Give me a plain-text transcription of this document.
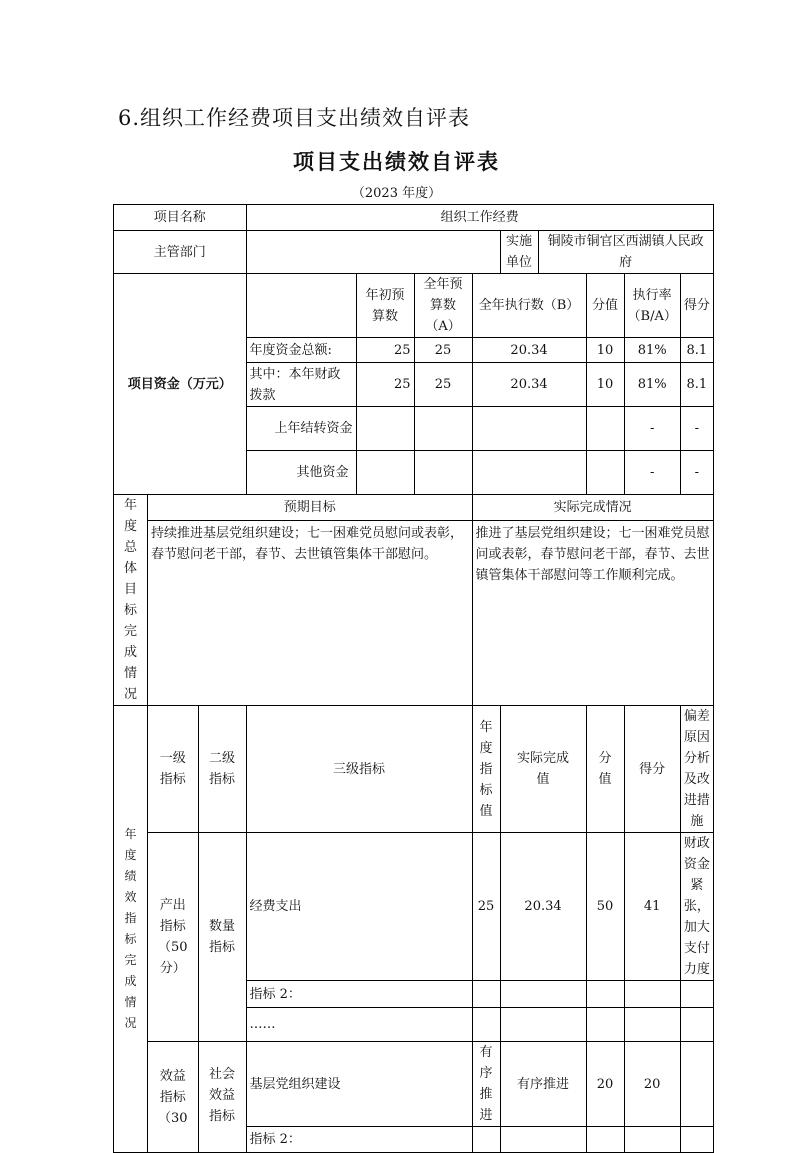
6.组织工作经费项目支出绩效自评表
项目支出绩效自评表
（2023 年度）
项目名称			组织工作经费								
主管部门							实施单位	铜陵市铜官区西湖镇人民政府			
项目资金（万元）				年初预算数	全年预算数（A）	全年执行数（B）			分值	执行率（B/A）	得分
			年度资金总额:	25	25	20.34			10	81%	8.1
			其中：本年财政拨款	25	25	20.34			10	81%	8.1
			上年结转资金							-	-
			其他资金							-	-
年度总体目标完成情况	预期目标					实际完成情况					
	持续推进基层党组织建设；七一困难党员慰问或表彰，春节慰问老干部，春节、去世镇管集体干部慰问。					推进了基层党组织建设；七一困难党员慰问或表彰，春节慰问老干部，春节、去世镇管集体干部慰问等工作顺利完成。					
年度绩效指标完成情况	一级指标	二级指标	三级指标			年度指标值	实际完成值		分值	得分	偏差原因分析及改进措施
	产出指标（50分）	数量指标	经费支出			25	20.34		50	41	财政资金紧张，加大支付力度
			指标 2：								
			……								
	效益指标（30	社会效益指标	基层党组织建设			有序推进	有序推进		20	20	
			指标 2：								
